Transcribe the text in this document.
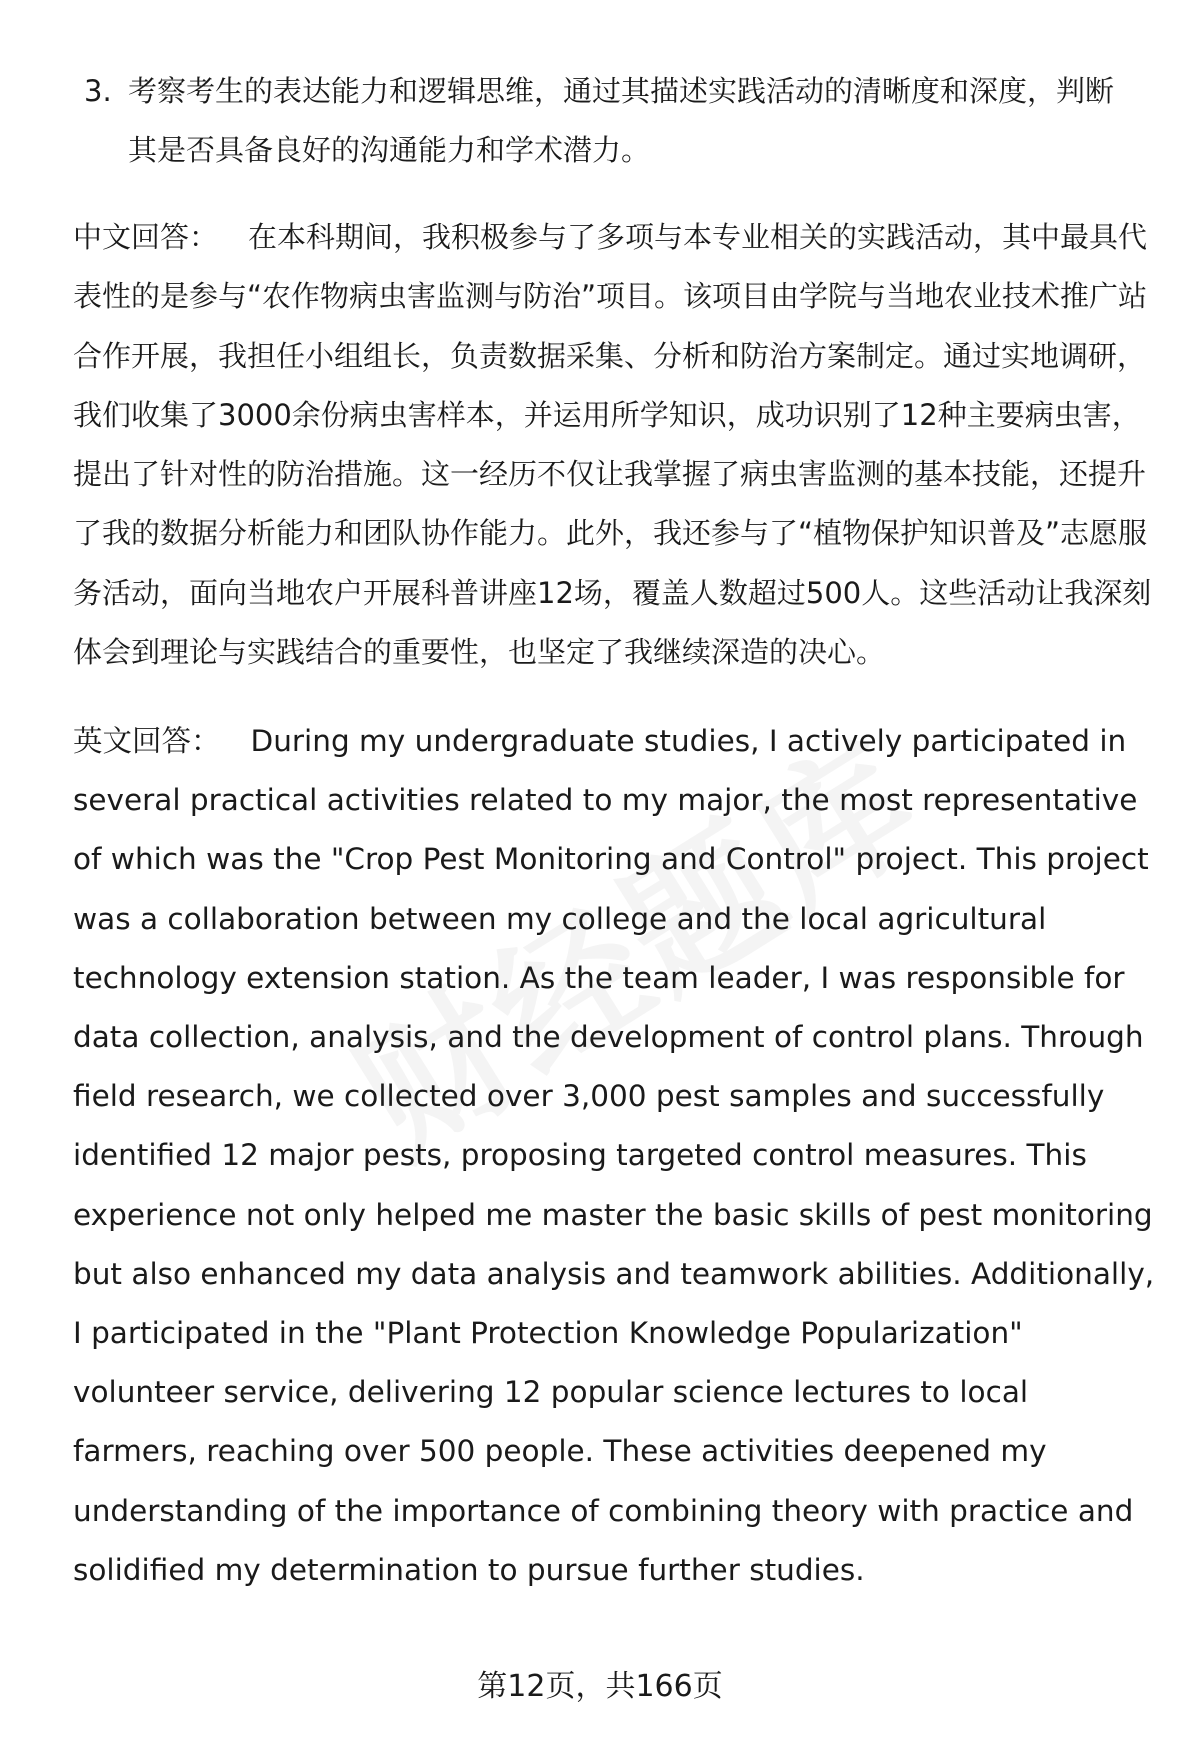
3. 考察考生的表达能力和逻辑思维，通过其描述实践活动的清晰度和深度，判断其是否具备良好的沟通能力和学术潜力。
中文回答： 在本科期间，我积极参与了多项与本专业相关的实践活动，其中最具代表性的是参与“农作物病虫害监测与防治”项目。该项目由学院与当地农业技术推广站合作开展，我担任小组组长，负责数据采集、分析和防治方案制定。通过实地调研，我们收集了3000余份病虫害样本，并运用所学知识，成功识别了12种主要病虫害，提出了针对性的防治措施。这一经历不仅让我掌握了病虫害监测的基本技能，还提升了我的数据分析能力和团队协作能力。此外，我还参与了“植物保护知识普及”志愿服务活动，面向当地农户开展科普讲座12场，覆盖人数超过500人。这些活动让我深刻体会到理论与实践结合的重要性，也坚定了我继续深造的决心。
英文回答： During my undergraduate studies, I actively participated in several practical activities related to my major, the most representative of which was the "Crop Pest Monitoring and Control" project. This project was a collaboration between my college and the local agricultural technology extension station. As the team leader, I was responsible for data collection, analysis, and the development of control plans. Through field research, we collected over 3,000 pest samples and successfully identified 12 major pests, proposing targeted control measures. This experience not only helped me master the basic skills of pest monitoring but also enhanced my data analysis and teamwork abilities. Additionally, I participated in the "Plant Protection Knowledge Popularization" volunteer service, delivering 12 popular science lectures to local farmers, reaching over 500 people. These activities deepened my understanding of the importance of combining theory with practice and solidified my determination to pursue further studies.
第12页，共166页
